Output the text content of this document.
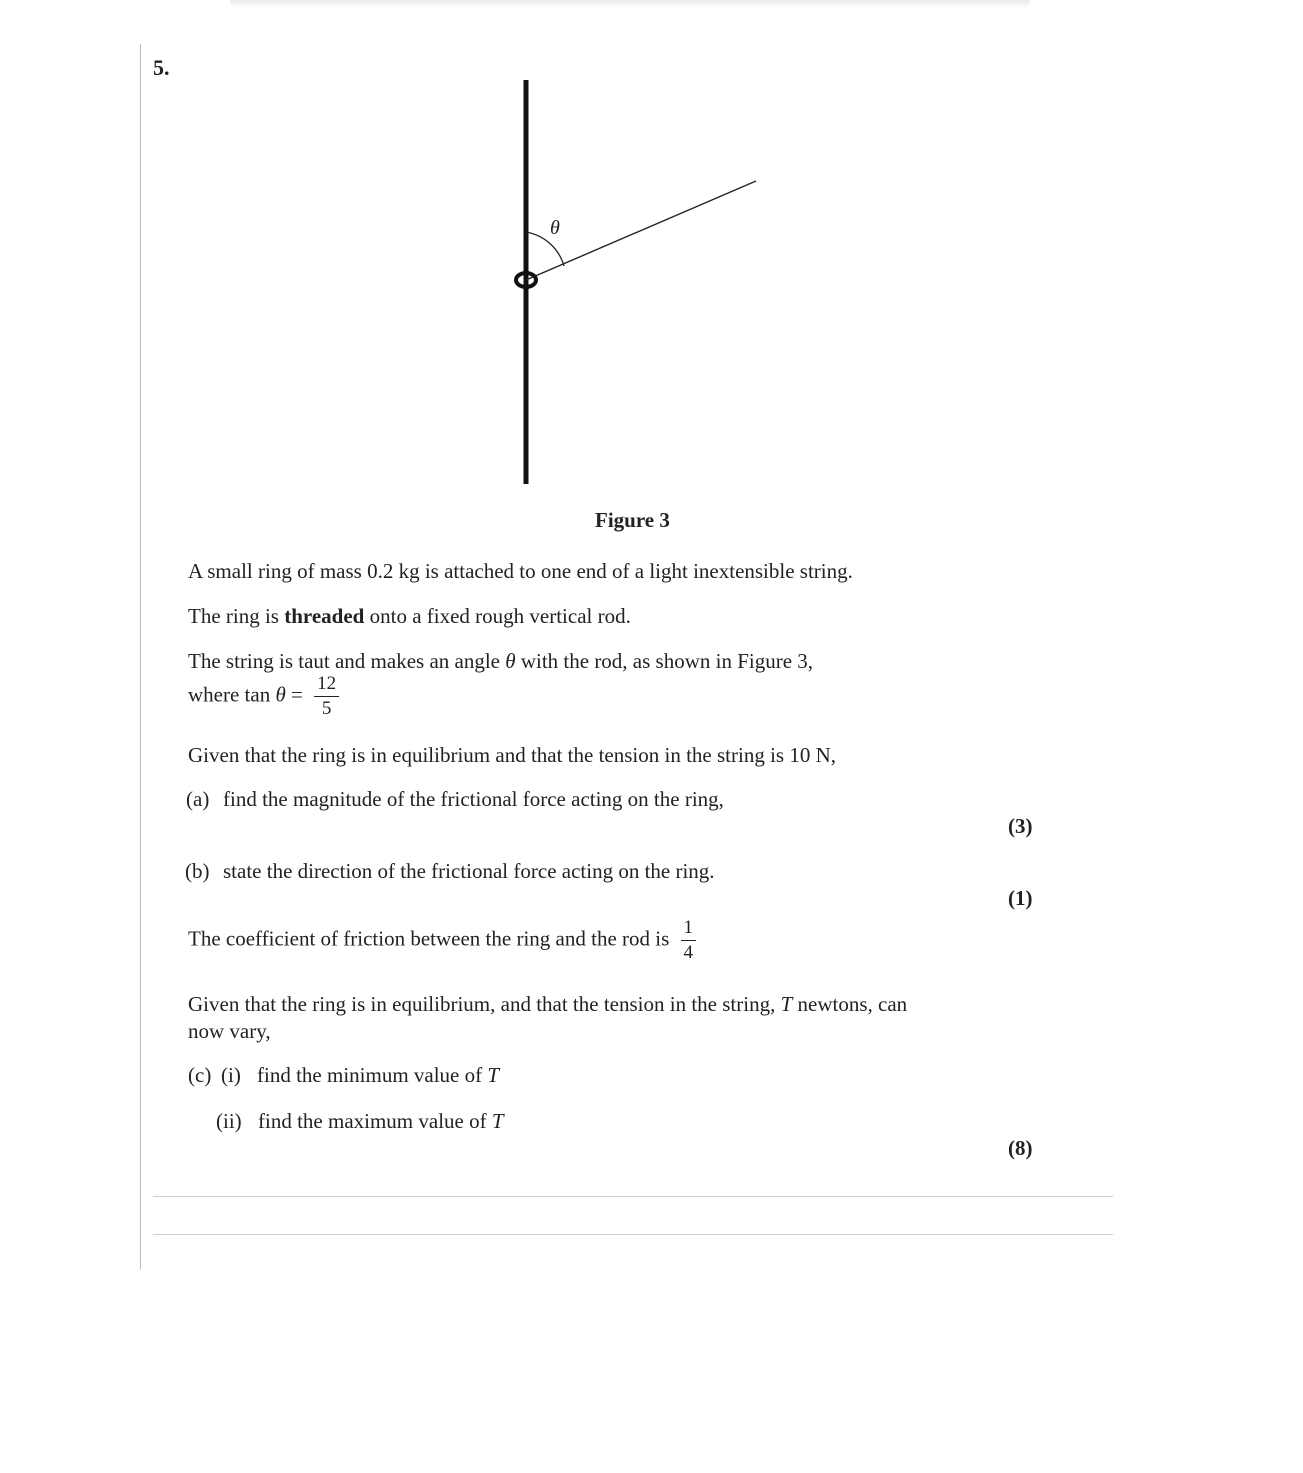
5.
θ
Figure 3
A small ring of mass 0.2 kg is attached to one end of a light inextensible string.
The ring is threaded onto a fixed rough vertical rod.
The string is taut and makes an angle θ with the rod, as shown in Figure 3,
where $\tan \theta = \frac{12}{5}$
Given that the ring is in equilibrium and that the tension in the string is 10 N,
(a) find the magnitude of the frictional force acting on the ring,
(3)
(b) state the direction of the frictional force acting on the ring.
(1)
The coefficient of friction between the ring and the rod is $\frac{1}{4}$
Given that the ring is in equilibrium, and that the tension in the string, T newtons, can
now vary,
(c) (i) find the minimum value of T
(ii) find the maximum value of T
(8)
